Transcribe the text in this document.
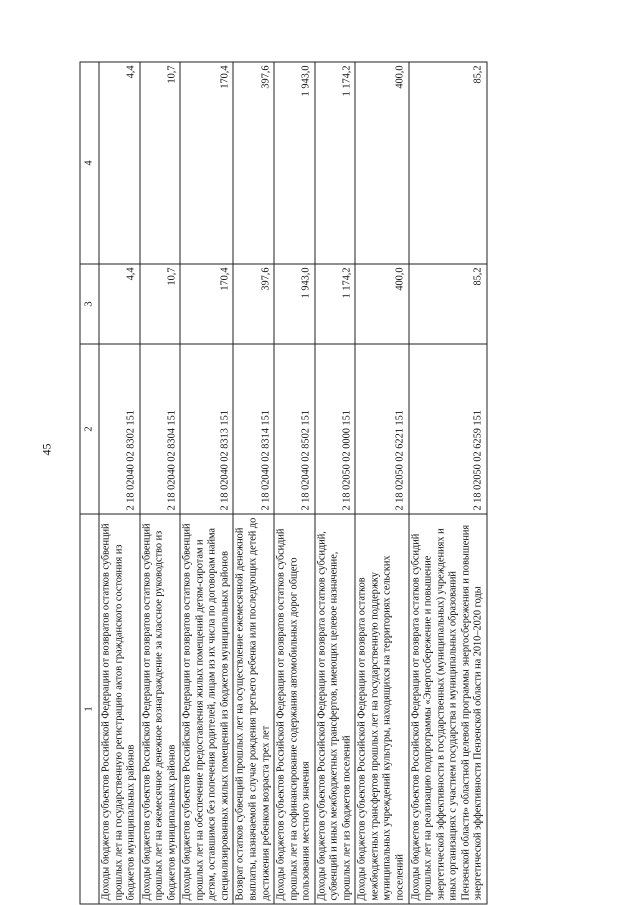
45
1	2	3	4
Доходы бюджетов субъектов Российской Федерации от возвратов остатков субвенций прошлых лет на государственную регистрацию актов гражданского состояния из бюджетов муниципальных районов	2 18 02040 02 8302 151	4,4	4,4
Доходы бюджетов субъектов Российской Федерации от возвратов остатков субвенций прошлых лет на ежемесячное денежное вознаграждение за классное руководство из бюджетов муниципальных районов	2 18 02040 02 8304 151	10,7	10,7
Доходы бюджетов субъектов Российской Федерации от возвратов остатков субвенций прошлых лет на обеспечение предоставления жилых помещений детям-сиротам и детям, оставшимся без попечения родителей, лицам из их числа по договорам найма специализированных жилых помещений из бюджетов муниципальных районов	2 18 02040 02 8313 151	170,4	170,4
Возврат остатков субвенций прошлых лет на осуществление ежемесячной денежной выплаты, назначаемой в случае рождения третьего ребенка или последующих детей до достижения ребенком возраста трех лет	2 18 02040 02 8314 151	397,6	397,6
Доходы бюджетов субъектов Российской Федерации от возвратов остатков субсидий прошлых лет на софинансирование содержания автомобильных дорог общего пользования местного значения	2 18 02040 02 8502 151	1 943,0	1 943,0
Доходы бюджетов субъектов Российской Федерации от возврата остатков субсидий, субвенций и иных межбюджетных трансфертов, имеющих целевое назначение, прошлых лет из бюджетов поселений	2 18 02050 02 0000 151	1 174,2	1 174,2
Доходы бюджетов субъектов Российской Федерации от возврата остатков межбюджетных трансфертов прошлых лет на государственную поддержку муниципальных учреждений культуры, находящихся на территориях сельских поселений	2 18 02050 02 6221 151	400,0	400,0
Доходы бюджетов субъектов Российской Федерации от возврата остатков субсидий прошлых лет на реализацию подпрограммы «Энергосбережение и повышение энергетической эффективности в государственных (муниципальных) учреждениях и иных организациях с участием государства и муниципальных образований Пензенской области» областной целевой программы энергосбережения и повышения энергетической эффективности Пензенской области на 2010–2020 годы	2 18 02050 02 6259 151	85,2	85,2
